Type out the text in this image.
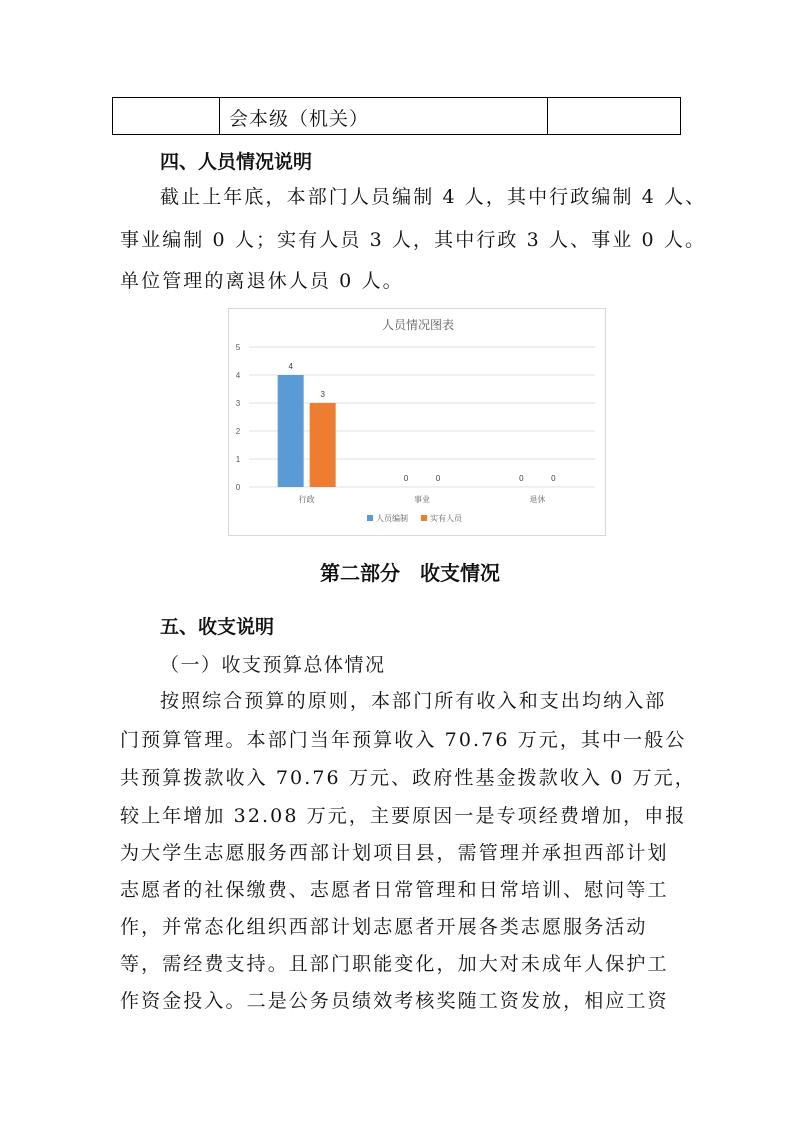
会本级（机关）
四、人员情况说明
截止上年底，本部门人员编制 4 人，其中行政编制 4 人、
事业编制 0 人；实有人员 3 人，其中行政 3 人、事业 0 人。
单位管理的离退休人员 0 人。
人员情况图表
0
1
2
3
4
5
行政
4
3
事业
0	0
退休
0	0
人员编制	实有人员
第二部分　收支情况
五、收支说明
（一）收支预算总体情况
按照综合预算的原则，本部门所有收入和支出均纳入部
门预算管理。本部门当年预算收入 70.76 万元，其中一般公
共预算拨款收入 70.76 万元、政府性基金拨款收入 0 万元，
较上年增加 32.08 万元，主要原因一是专项经费增加，申报
为大学生志愿服务西部计划项目县，需管理并承担西部计划
志愿者的社保缴费、志愿者日常管理和日常培训、慰问等工
作，并常态化组织西部计划志愿者开展各类志愿服务活动
等，需经费支持。且部门职能变化，加大对未成年人保护工
作资金投入。二是公务员绩效考核奖随工资发放，相应工资
